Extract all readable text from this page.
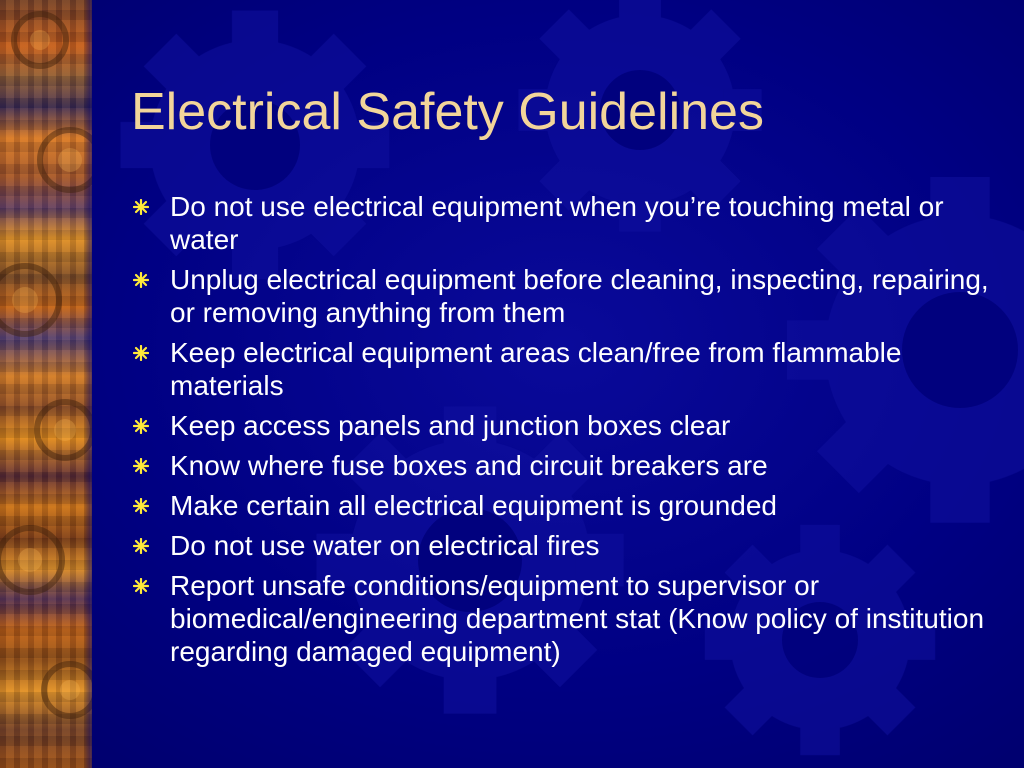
Electrical Safety Guidelines
Do not use electrical equipment when you’re touching metal or water
Unplug electrical equipment before cleaning, inspecting, repairing, or removing anything from them
Keep electrical equipment areas clean/free from flammable materials
Keep access panels and junction boxes clear
Know where fuse boxes and circuit breakers are
Make certain all electrical equipment is grounded
Do not use water on electrical fires
Report unsafe conditions/equipment to supervisor or biomedical/engineering department stat (Know policy of institution regarding damaged equipment)
